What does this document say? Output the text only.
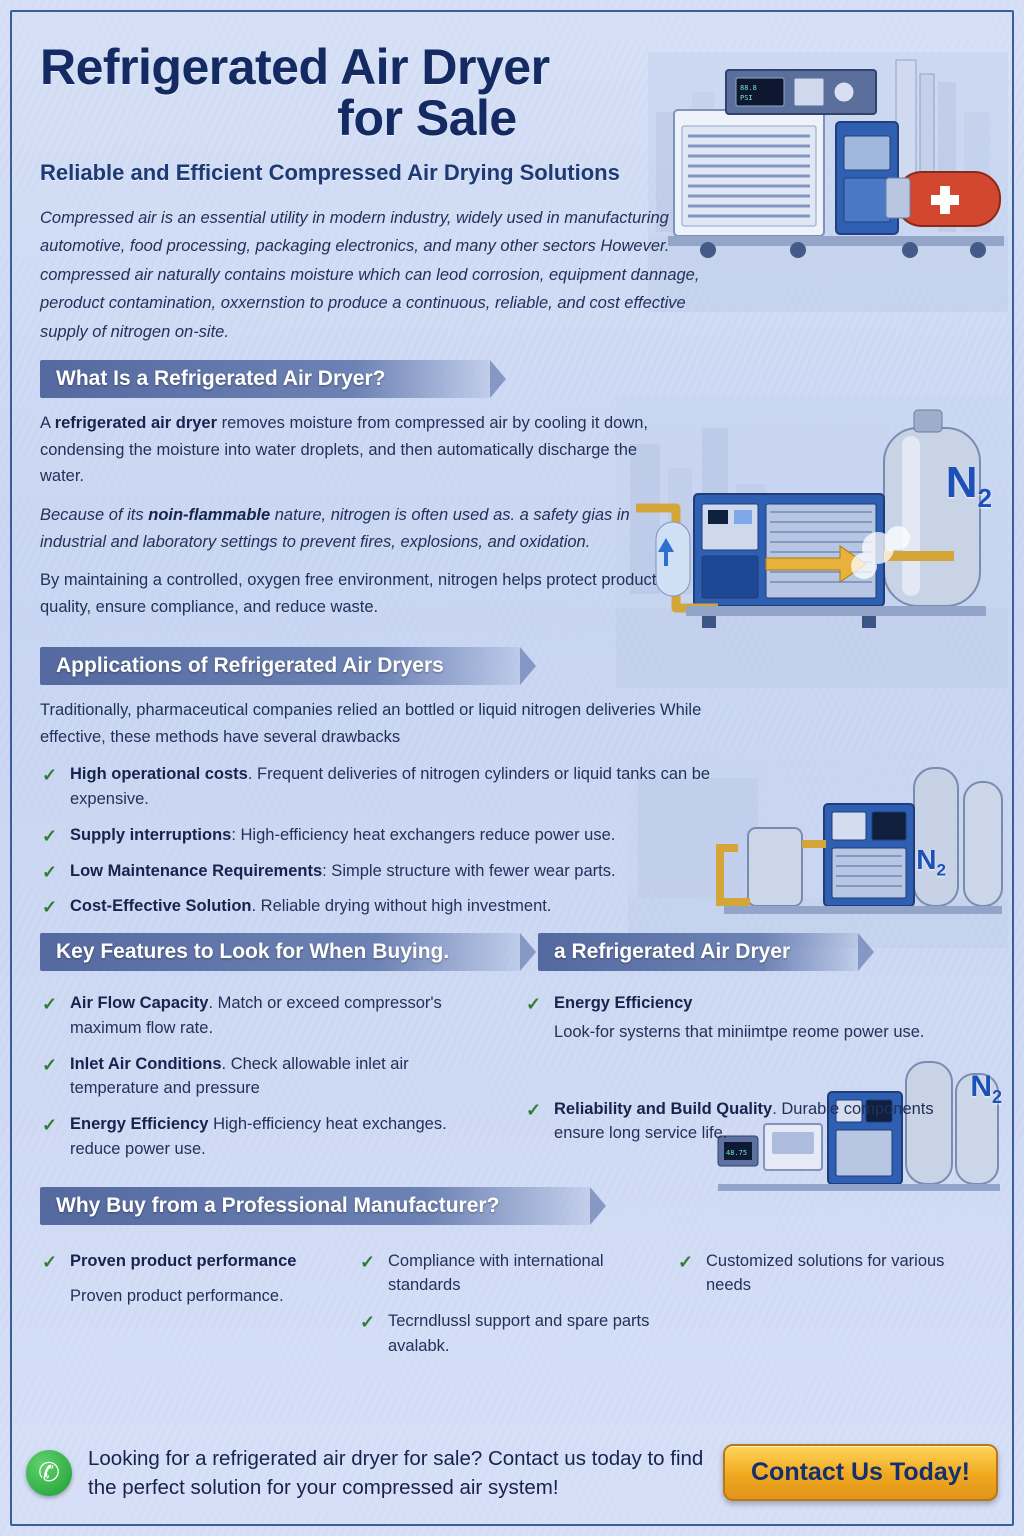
88.8
PSI
$N_2$
$N_2$
48.75
$N_2$
Refrigerated Air Dryer
for Sale
Reliable and Efficient Compressed Air Drying Solutions

Compressed air is an essential utility in modern industry, widely used in manufacturing automotive, food processing, packaging electronics, and many other sectors However. compressed air naturally contains moisture which can leod corrosion, equipment dannage, peroduct contamination, oxxernstion to produce a continuous, reliable, and cost effective supply of nitrogen on-site.

What Is a Refrigerated Air Dryer?

A refrigerated air dryer removes moisture from compressed air by cooling it down, condensing the moisture into water droplets, and then automatically discharge the water.

Because of its noin-flammable nature, nitrogen is often used as. a safety gias in industrial and laboratory settings to prevent fires, explosions, and oxidation.

By maintaining a controlled, oxygen free environment, nitrogen helps protect product quality, ensure compliance, and reduce waste.

Applications of Refrigerated Air Dryers

Traditionally, pharmaceutical companies relied an bottled or liquid nitrogen deliveries While effective, these methods have several drawbacks

✓ High operational costs. Frequent deliveries of nitrogen cylinders or liquid tanks can be expensive.
✓ Supply interruptions: High-efficiency heat exchangers reduce power use.
✓ Low Maintenance Requirements: Simple structure with fewer wear parts.
✓ Cost-Effective Solution. Reliable drying without high investment.
Key Features to Look for When Buying.	a Refrigerated Air Dryer
✓ Air Flow Capacity. Match or exceed compressor's maximum flow rate.
✓ Inlet Air Conditions. Check allowable inlet air temperature and pressure
✓ Energy Efficiency High-efficiency heat exchanges. reduce power use.
✓ Energy Efficiency
Look-for systerns that miniimtpe reome power use.
✓ Reliability and Build Quality. Durable components ensure long service life.
Why Buy from a Professional Manufacturer?
✓ Proven product performance
Proven product performance.
✓ Compliance with international standards
✓ Tecrndlussl support and spare parts avalabk.
✓ Customized solutions for various needs
✆	Looking for a refrigerated air dryer for sale? Contact us today to find the perfect solution for your compressed air system!
Contact Us Today!
